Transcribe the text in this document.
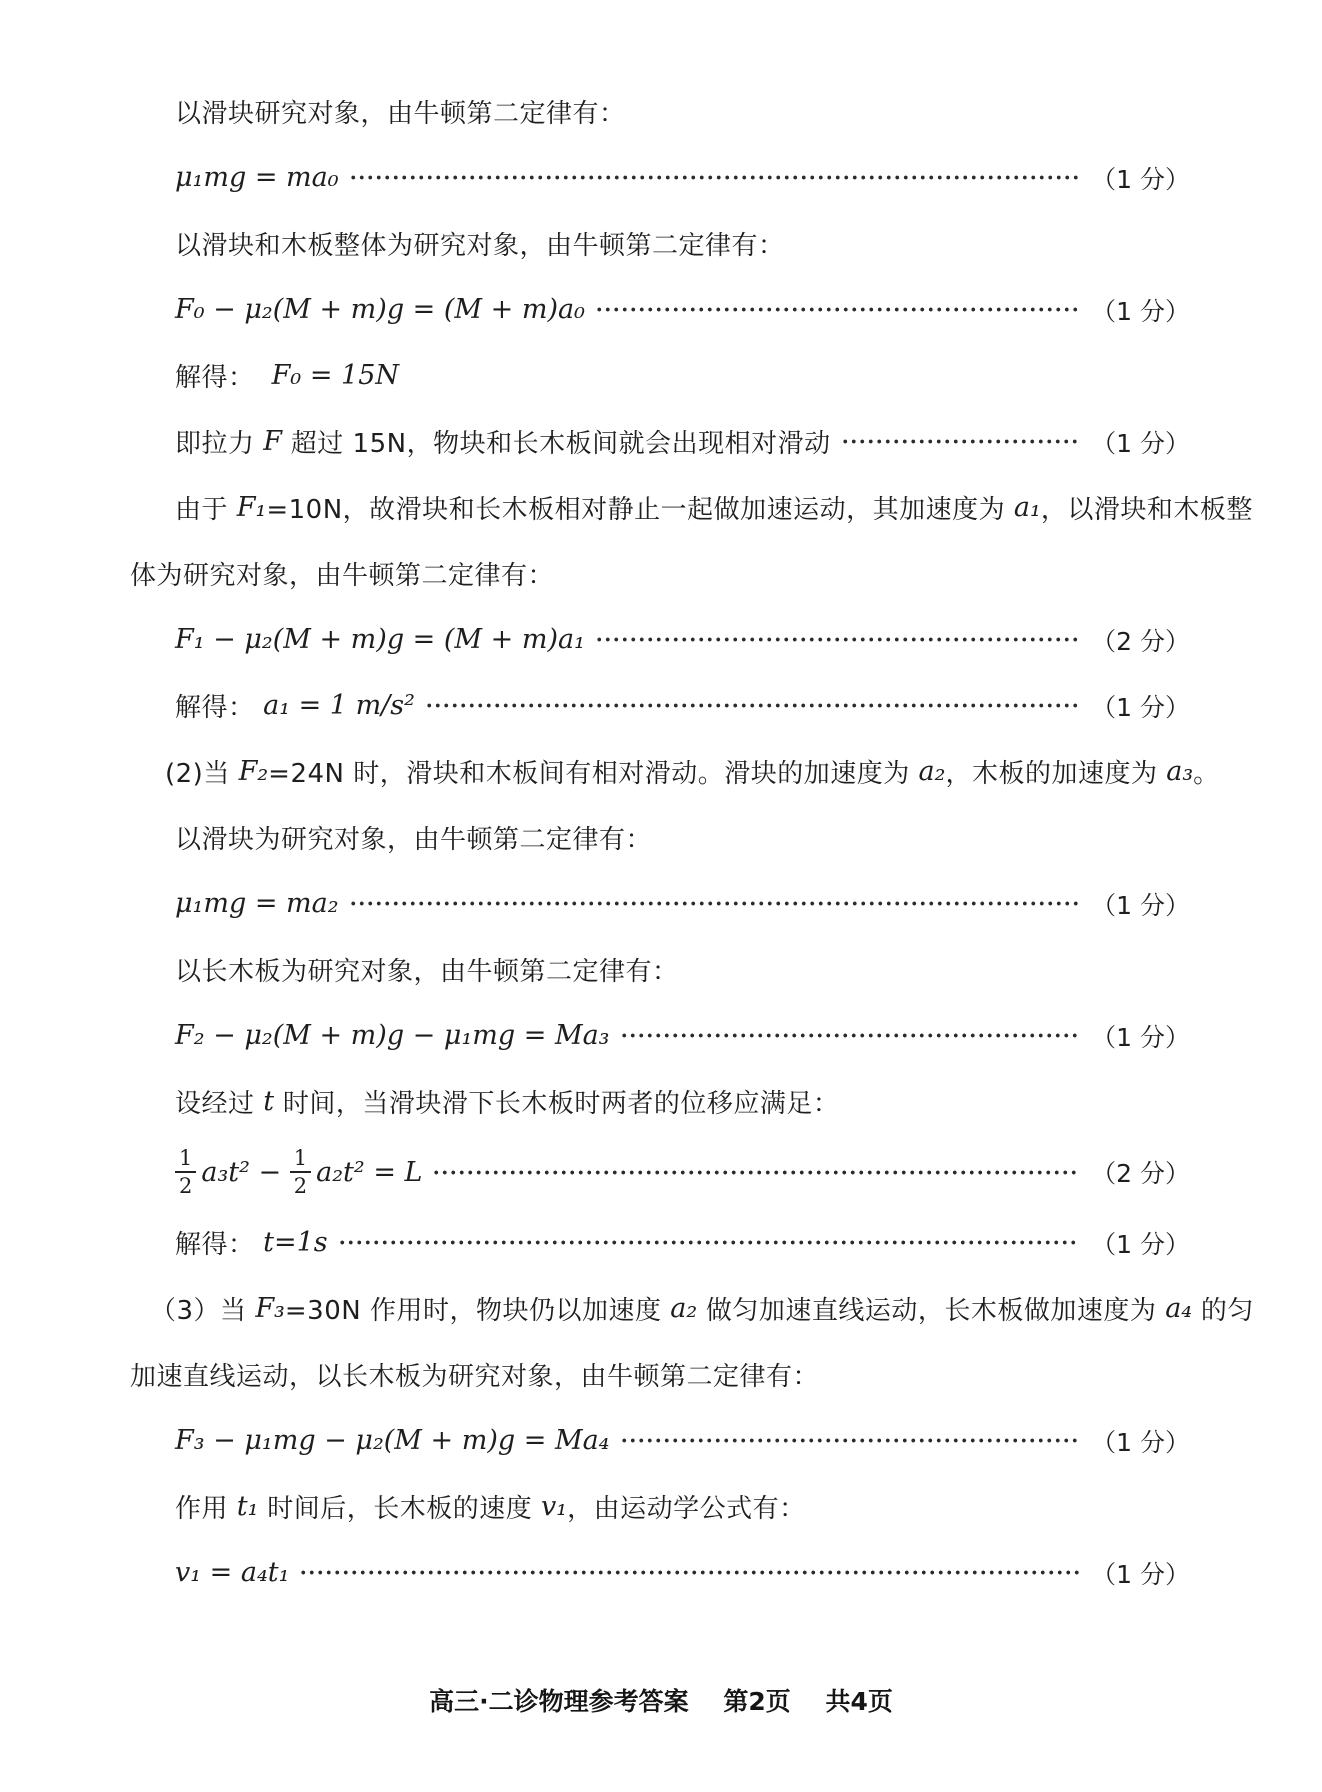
以滑块研究对象，由牛顿第二定律有：
μ₁mg = ma₀	（1 分）
以滑块和木板整体为研究对象，由牛顿第二定律有：
F₀ − μ₂(M + m)g = (M + m)a₀	（1 分）
解得： F₀ = 15N
即拉力 F 超过 15N，物块和长木板间就会出现相对滑动	（1 分）
由于 F₁ =10N，故滑块和长木板相对静止一起做加速运动，其加速度为 a₁ ，以滑块和木板整
体为研究对象，由牛顿第二定律有：
F₁ − μ₂(M + m)g = (M + m)a₁	（2 分）
解得： a₁ = 1 m/s²	（1 分）
(2)当 F₂ =24N 时，滑块和木板间有相对滑动。滑块的加速度为 a₂ ，木板的加速度为 a₃ 。
以滑块为研究对象，由牛顿第二定律有：
μ₁mg = ma₂	（1 分）
以长木板为研究对象，由牛顿第二定律有：
F₂ − μ₂(M + m)g − μ₁mg = Ma₃	（1 分）
设经过 t 时间，当滑块滑下长木板时两者的位移应满足：
$\frac{1}{2} a_3t^2 - \frac{1}{2} a_2t^2 = L$	（2 分）
解得： t=1s	（1 分）
（3）当 F₃ =30N 作用时，物块仍以加速度 a₂ 做匀加速直线运动，长木板做加速度为 a₄ 的匀
加速直线运动，以长木板为研究对象，由牛顿第二定律有：
F₃ − μ₁mg − μ₂(M + m)g = Ma₄	（1 分）
作用 t₁ 时间后，长木板的速度 v₁ ，由运动学公式有：
v₁ = a₄t₁	（1 分）
高三·二诊物理参考答案 第2页 共4页
